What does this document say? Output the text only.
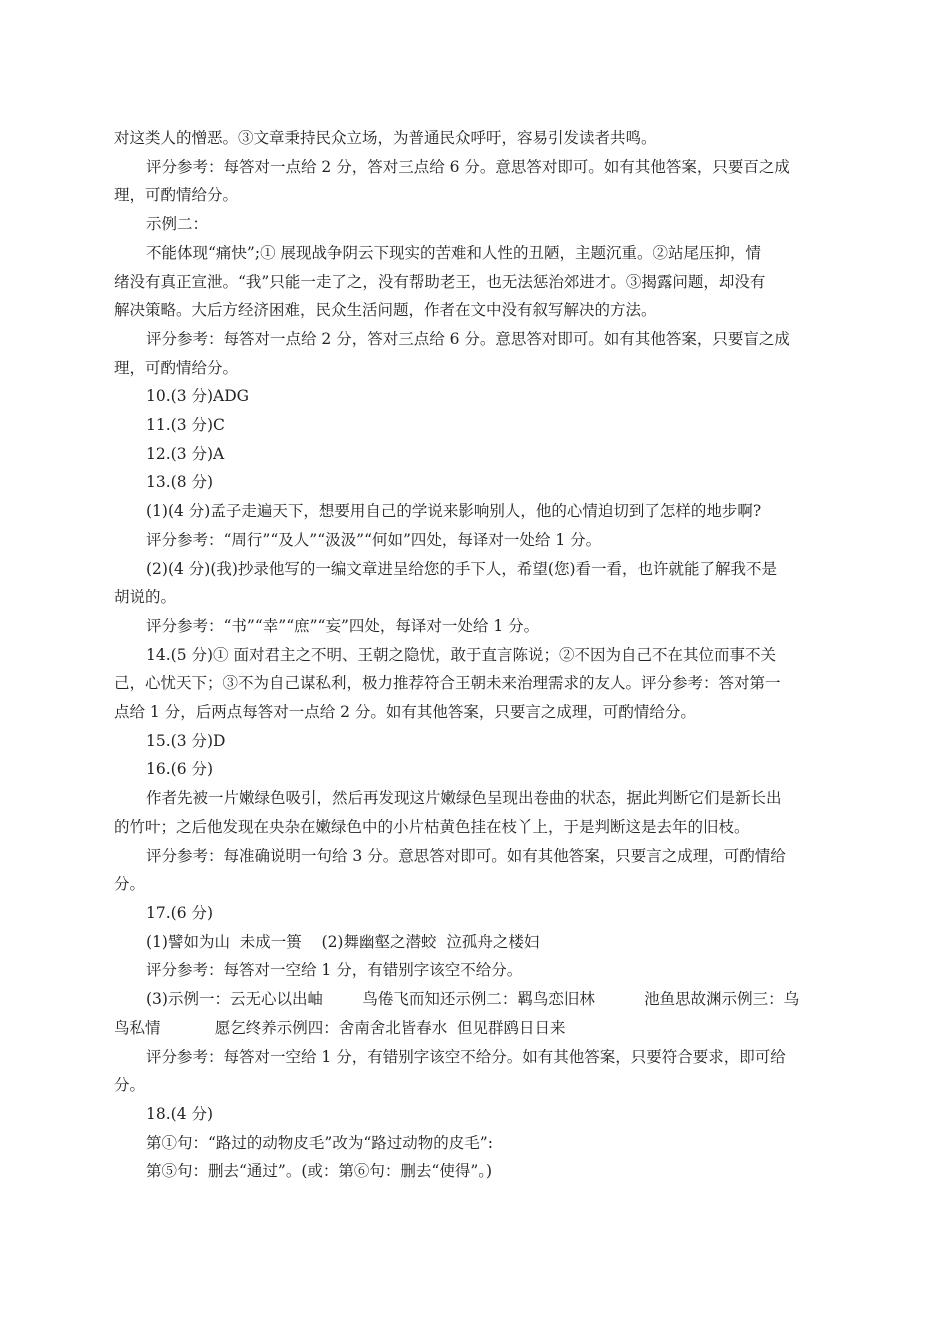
对这类人的憎恶。③文章秉持民众立场，为普通民众呼吁，容易引发读者共鸣。

评分参考：每答对一点给 2 分，答对三点给 6 分。意思答对即可。如有其他答案，只要百之成

理，可酌情给分。

示例二：

不能体现“痛快”;① 展现战争阴云下现实的苦难和人性的丑陋，主题沉重。②站尾压抑，情

绪没有真正宣泄。“我”只能一走了之，没有帮助老王，也无法惩治郊进才。③揭露问题，却没有

解决策略。大后方经济困难，民众生活问题，作者在文中没有叙写解决的方法。

评分参考：每答对一点给 2 分，答对三点给 6 分。意思答对即可。如有其他答案，只要盲之成

理，可酌情给分。

10.(3 分)ADG

11.(3 分)C

12.(3 分)A

13.(8 分)

(1)(4 分)孟子走遍天下，想要用自己的学说来影响别人，他的心情迫切到了怎样的地步啊?

评分参考：“周行”“及人”“汲汲”“何如”四处，每译对一处给 1 分。

(2)(4 分)(我)抄录他写的一编文章进呈给您的手下人，希望(您)看一看，也许就能了解我不是

胡说的。

评分参考：“书”“幸”“庶”“妄”四处，每译对一处给 1 分。

14.(5 分)① 面对君主之不明、王朝之隐忧，敢于直言陈说；②不因为自己不在其位而事不关

己，心忧天下；③不为自己谋私利，极力推荐符合王朝未来治理需求的友人。评分参考：答对第一

点给 1 分，后两点每答对一点给 2 分。如有其他答案，只要言之成理，可酌情给分。

15.(3 分)D

16.(6 分)

作者先被一片嫩绿色吸引，然后再发现这片嫩绿色呈现出卷曲的状态，据此判断它们是新长出

的竹叶；之后他发现在央杂在嫩绿色中的小片枯黄色挂在枝丫上，于是判断这是去年的旧枝。

评分参考：每准确说明一句给 3 分。意思答对即可。如有其他答案，只要言之成理，可酌情给

分。

17.(6 分)

(1)譬如为山  未成一篑    (2)舞幽壑之潜蛟  泣孤舟之楼妇

评分参考：每答对一空给 1 分，有错别字该空不给分。

(3)示例一：云无心以出岫        鸟倦飞而知还示例二：羁鸟恋旧林          池鱼思故渊示例三：乌

鸟私情           愿乞终养示例四：舍南舍北皆春水  但见群鸥日日来

评分参考：每答对一空给 1 分，有错别字该空不给分。如有其他答案，只要符合要求，即可给

分。

18.(4 分)

第①句：“路过的动物皮毛”改为“路过动物的皮毛”:

第⑤句：删去“通过”。(或：第⑥句：删去“使得”。)
